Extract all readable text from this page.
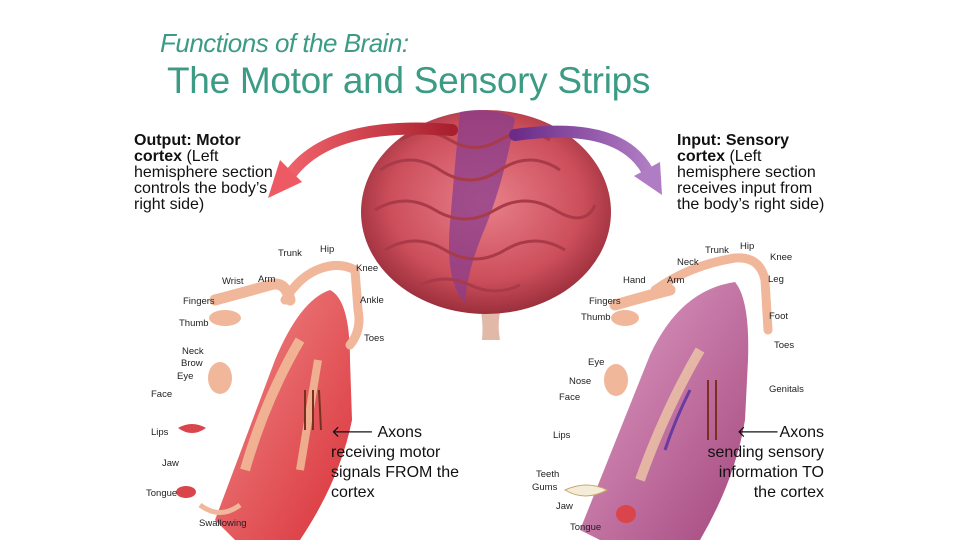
Functions of the Brain:
The Motor and Sensory Strips
Output: Motor cortex (Left hemisphere section controls the body’s right side)
Input: Sensory cortex (Left hemisphere section receives input from the body’s right side)
🡐 Axons receiving motor signals FROM the cortex
🡐Axons sending sensory information TO the cortex
Trunk Hip
Knee
Wrist Arm
Ankle
Fingers
Thumb
Toes
Neck
Brow
Eye
Face
Lips
Jaw
Tongue
Swallowing
Trunk Hip
Neck	Knee
Hand Arm	Leg
Fingers
Thumb	Foot
Toes
Eye
Nose
Face
Genitals
Lips
Teeth
Gums
Jaw
Tongue
